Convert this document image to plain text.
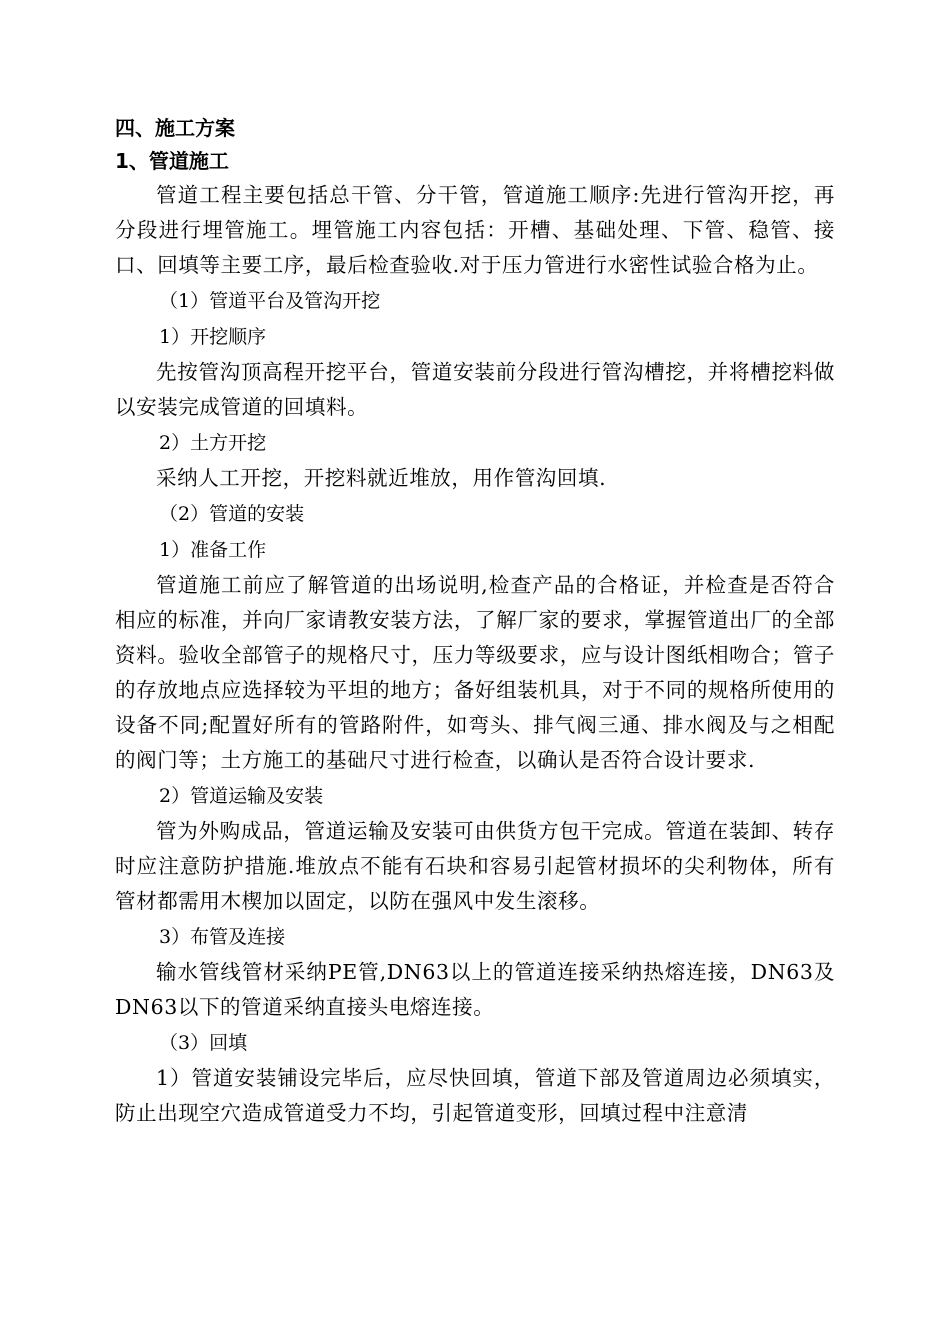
四、施工方案

1、管道施工

管道工程主要包括总干管、分干管，管道施工顺序:先进行管沟开挖，再分段进行埋管施工。埋管施工内容包括：开槽、基础处理、下管、稳管、接口、回填等主要工序，最后检查验收.对于压力管进行水密性试验合格为止。

（1）管道平台及管沟开挖

1）开挖顺序

先按管沟顶高程开挖平台，管道安装前分段进行管沟槽挖，并将槽挖料做以安装完成管道的回填料。

2）土方开挖

采纳人工开挖，开挖料就近堆放，用作管沟回填.

（2）管道的安装

1）准备工作

管道施工前应了解管道的出场说明,检查产品的合格证，并检查是否符合相应的标准，并向厂家请教安装方法，了解厂家的要求，掌握管道出厂的全部资料。验收全部管子的规格尺寸，压力等级要求，应与设计图纸相吻合；管子的存放地点应选择较为平坦的地方；备好组装机具，对于不同的规格所使用的设备不同;配置好所有的管路附件，如弯头、排气阀三通、排水阀及与之相配的阀门等；土方施工的基础尺寸进行检查，以确认是否符合设计要求.

2）管道运输及安装

管为外购成品，管道运输及安装可由供货方包干完成。管道在装卸、转存时应注意防护措施.堆放点不能有石块和容易引起管材损坏的尖利物体，所有管材都需用木楔加以固定，以防在强风中发生滚移。

3）布管及连接

输水管线管材采纳PE管,DN63以上的管道连接采纳热熔连接，DN63及DN63以下的管道采纳直接头电熔连接。

（3）回填

1）管道安装铺设完毕后，应尽快回填，管道下部及管道周边必须填实，防止出现空穴造成管道受力不均，引起管道变形，回填过程中注意清
